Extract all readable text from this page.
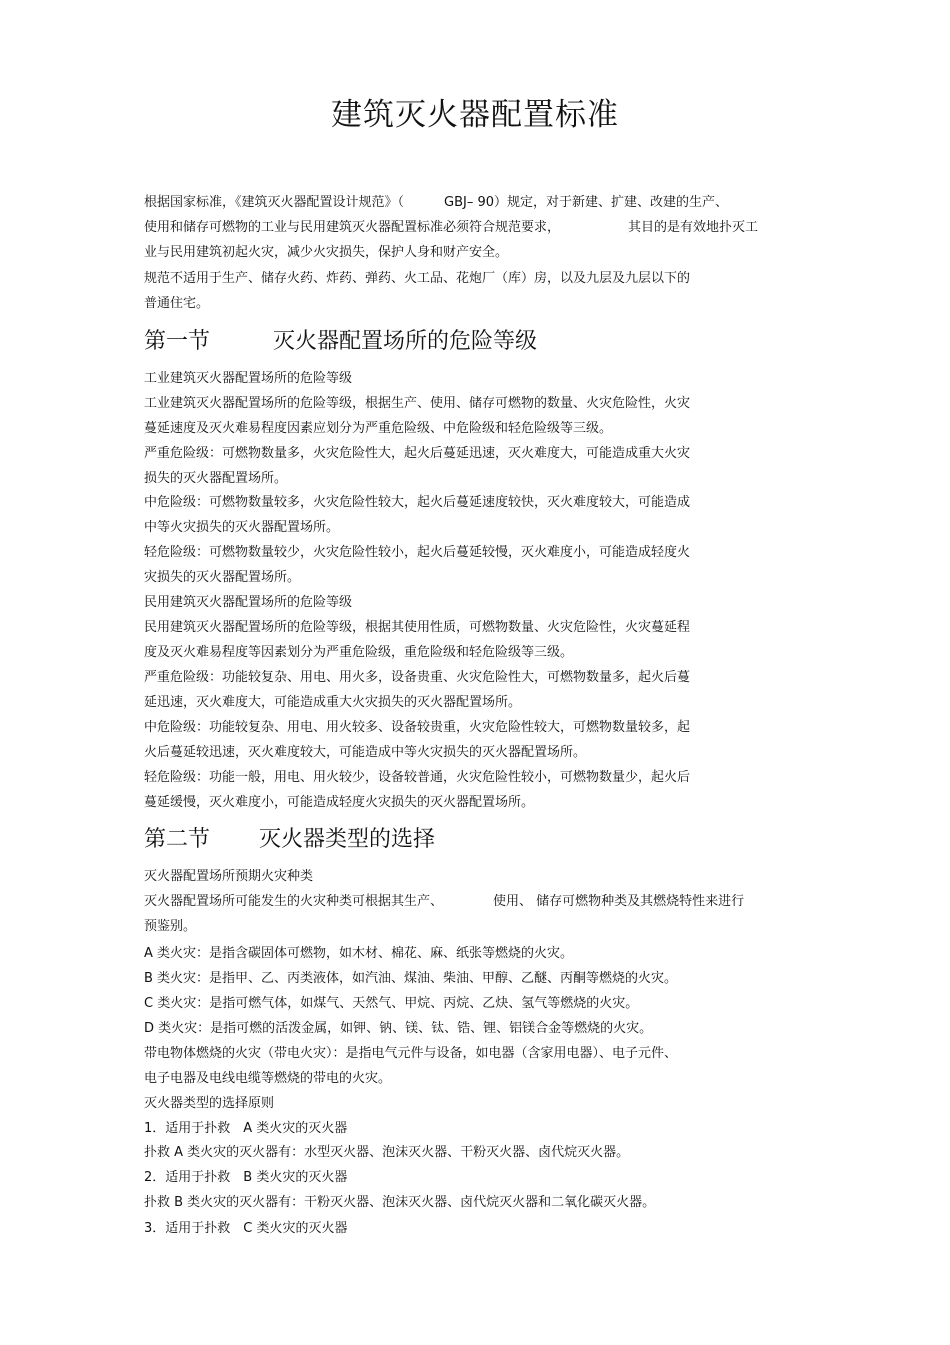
建筑灭火器配置标准

根据国家标准，《建筑灭火器配置设计规范》（	GBJ– 90）规定，对于新建、扩建、改建的生产、

使用和储存可燃物的工业与民用建筑灭火器配置标准必须符合规范要求，	其目的是有效地扑灭工

业与民用建筑初起火灾，减少火灾损失，保护人身和财产安全。

规范不适用于生产、储存火药、炸药、弹药、火工品、花炮厂（库）房，以及九层及九层以下的

普通住宅。

第一节	灭火器配置场所的危险等级

工业建筑灭火器配置场所的危险等级

工业建筑灭火器配置场所的危险等级，根据生产、使用、储存可燃物的数量、火灾危险性，火灾

蔓延速度及灭火难易程度因素应划分为严重危险级、中危险级和轻危险级等三级。

严重危险级：可燃物数量多，火灾危险性大，起火后蔓延迅速，灭火难度大，可能造成重大火灾

损失的灭火器配置场所。

中危险级：可燃物数量较多，火灾危险性较大，起火后蔓延速度较快，灭火难度较大，可能造成

中等火灾损失的灭火器配置场所。

轻危险级：可燃物数量较少，火灾危险性较小，起火后蔓延较慢，灭火难度小，可能造成轻度火

灾损失的灭火器配置场所。

民用建筑灭火器配置场所的危险等级

民用建筑灭火器配置场所的危险等级，根据其使用性质，可燃物数量、火灾危险性，火灾蔓延程

度及灭火难易程度等因素划分为严重危险级，重危险级和轻危险级等三级。

严重危险级：功能较复杂、用电、用火多，设备贵重、火灾危险性大，可燃物数量多，起火后蔓

延迅速，灭火难度大，可能造成重大火灾损失的灭火器配置场所。

中危险级：功能较复杂、用电、用火较多、设备较贵重，火灾危险性较大，可燃物数量较多，起

火后蔓延较迅速，灭火难度较大，可能造成中等火灾损失的灭火器配置场所。

轻危险级：功能一般，用电、用火较少，设备较普通，火灾危险性较小，可燃物数量少，起火后

蔓延缓慢，灭火难度小，可能造成轻度火灾损失的灭火器配置场所。

第二节 灭火器类型的选择

灭火器配置场所预期火灾种类

灭火器配置场所可能发生的火灾种类可根据其生产、	使用、 储存可燃物种类及其燃烧特性来进行

预鉴别。

A 类火灾：是指含碳固体可燃物，如木材、棉花、麻、纸张等燃烧的火灾。

B 类火灾：是指甲、乙、丙类液体，如汽油、煤油、柴油、甲醇、乙醚、丙酮等燃烧的火灾。

C 类火灾：是指可燃气体，如煤气、天然气、甲烷、丙烷、乙炔、氢气等燃烧的火灾。

D 类火灾：是指可燃的活泼金属，如钾、钠、镁、钛、锆、锂、铝镁合金等燃烧的火灾。

带电物体燃烧的火灾（带电火灾）：是指电气元件与设备，如电器（含家用电器）、电子元件、

电子电器及电线电缆等燃烧的带电的火灾。

灭火器类型的选择原则

1．适用于扑救　A 类火灾的灭火器

扑救 A 类火灾的灭火器有：水型灭火器、泡沫灭火器、干粉灭火器、卤代烷灭火器。

2．适用于扑救　B 类火灾的灭火器

扑救 B 类火灾的灭火器有：干粉灭火器、泡沫灭火器、卤代烷灭火器和二氧化碳灭火器。

3．适用于扑救　C 类火灾的灭火器
